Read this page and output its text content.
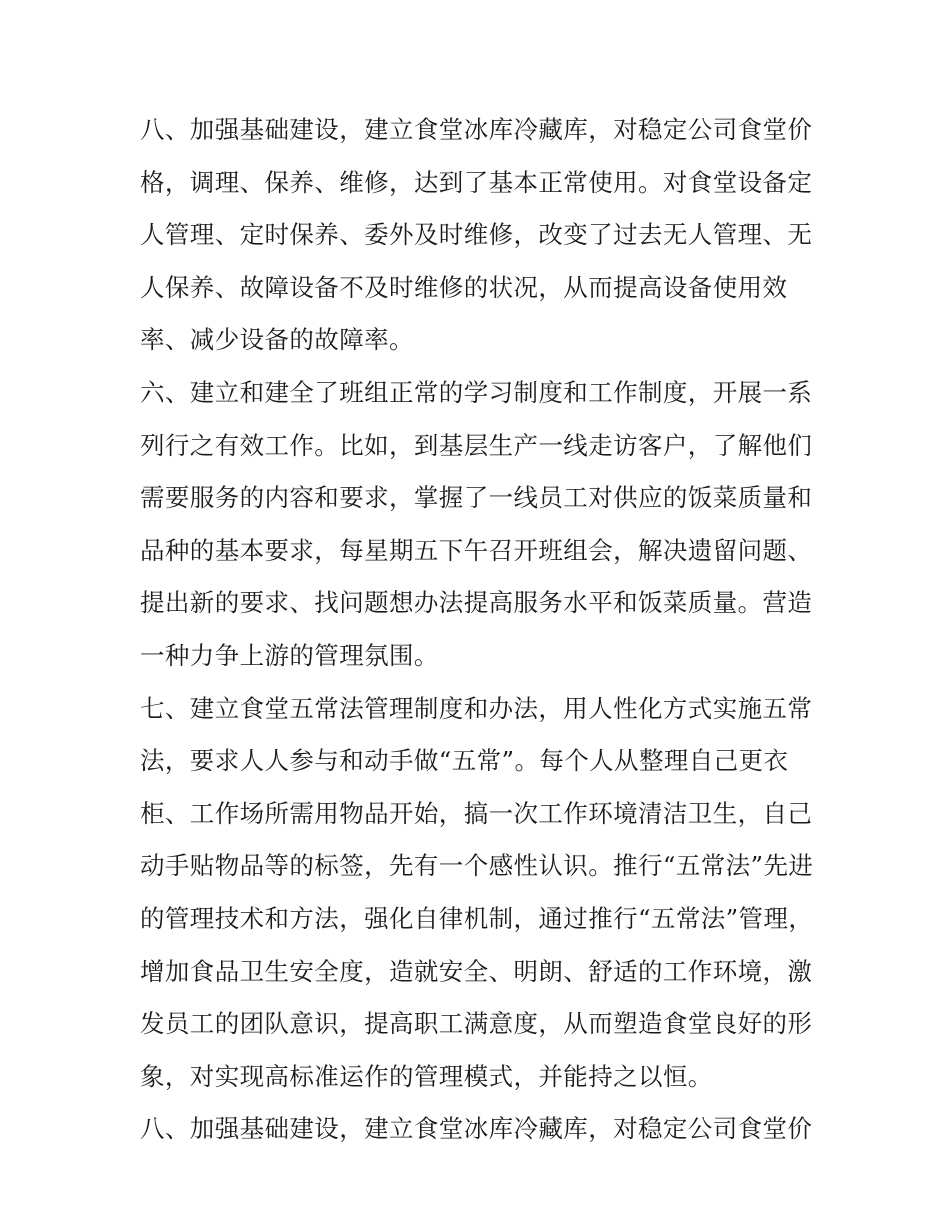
八、加强基础建设，建立食堂冰库冷藏库，对稳定公司食堂价
格，调理、保养、维修，达到了基本正常使用。对食堂设备定
人管理、定时保养、委外及时维修，改变了过去无人管理、无
人保养、故障设备不及时维修的状况，从而提高设备使用效
率、减少设备的故障率。
六、建立和建全了班组正常的学习制度和工作制度，开展一系
列行之有效工作。比如，到基层生产一线走访客户，了解他们
需要服务的内容和要求，掌握了一线员工对供应的饭菜质量和
品种的基本要求，每星期五下午召开班组会，解决遗留问题、
提出新的要求、找问题想办法提高服务水平和饭菜质量。营造
一种力争上游的管理氛围。
七、建立食堂五常法管理制度和办法，用人性化方式实施五常
法，要求人人参与和动手做“五常”。每个人从整理自己更衣
柜、工作场所需用物品开始，搞一次工作环境清洁卫生，自己
动手贴物品等的标签，先有一个感性认识。推行“五常法”先进
的管理技术和方法，强化自律机制，通过推行“五常法”管理，
增加食品卫生安全度，造就安全、明朗、舒适的工作环境，激
发员工的团队意识，提高职工满意度，从而塑造食堂良好的形
象，对实现高标准运作的管理模式，并能持之以恒。
八、加强基础建设，建立食堂冰库冷藏库，对稳定公司食堂价
